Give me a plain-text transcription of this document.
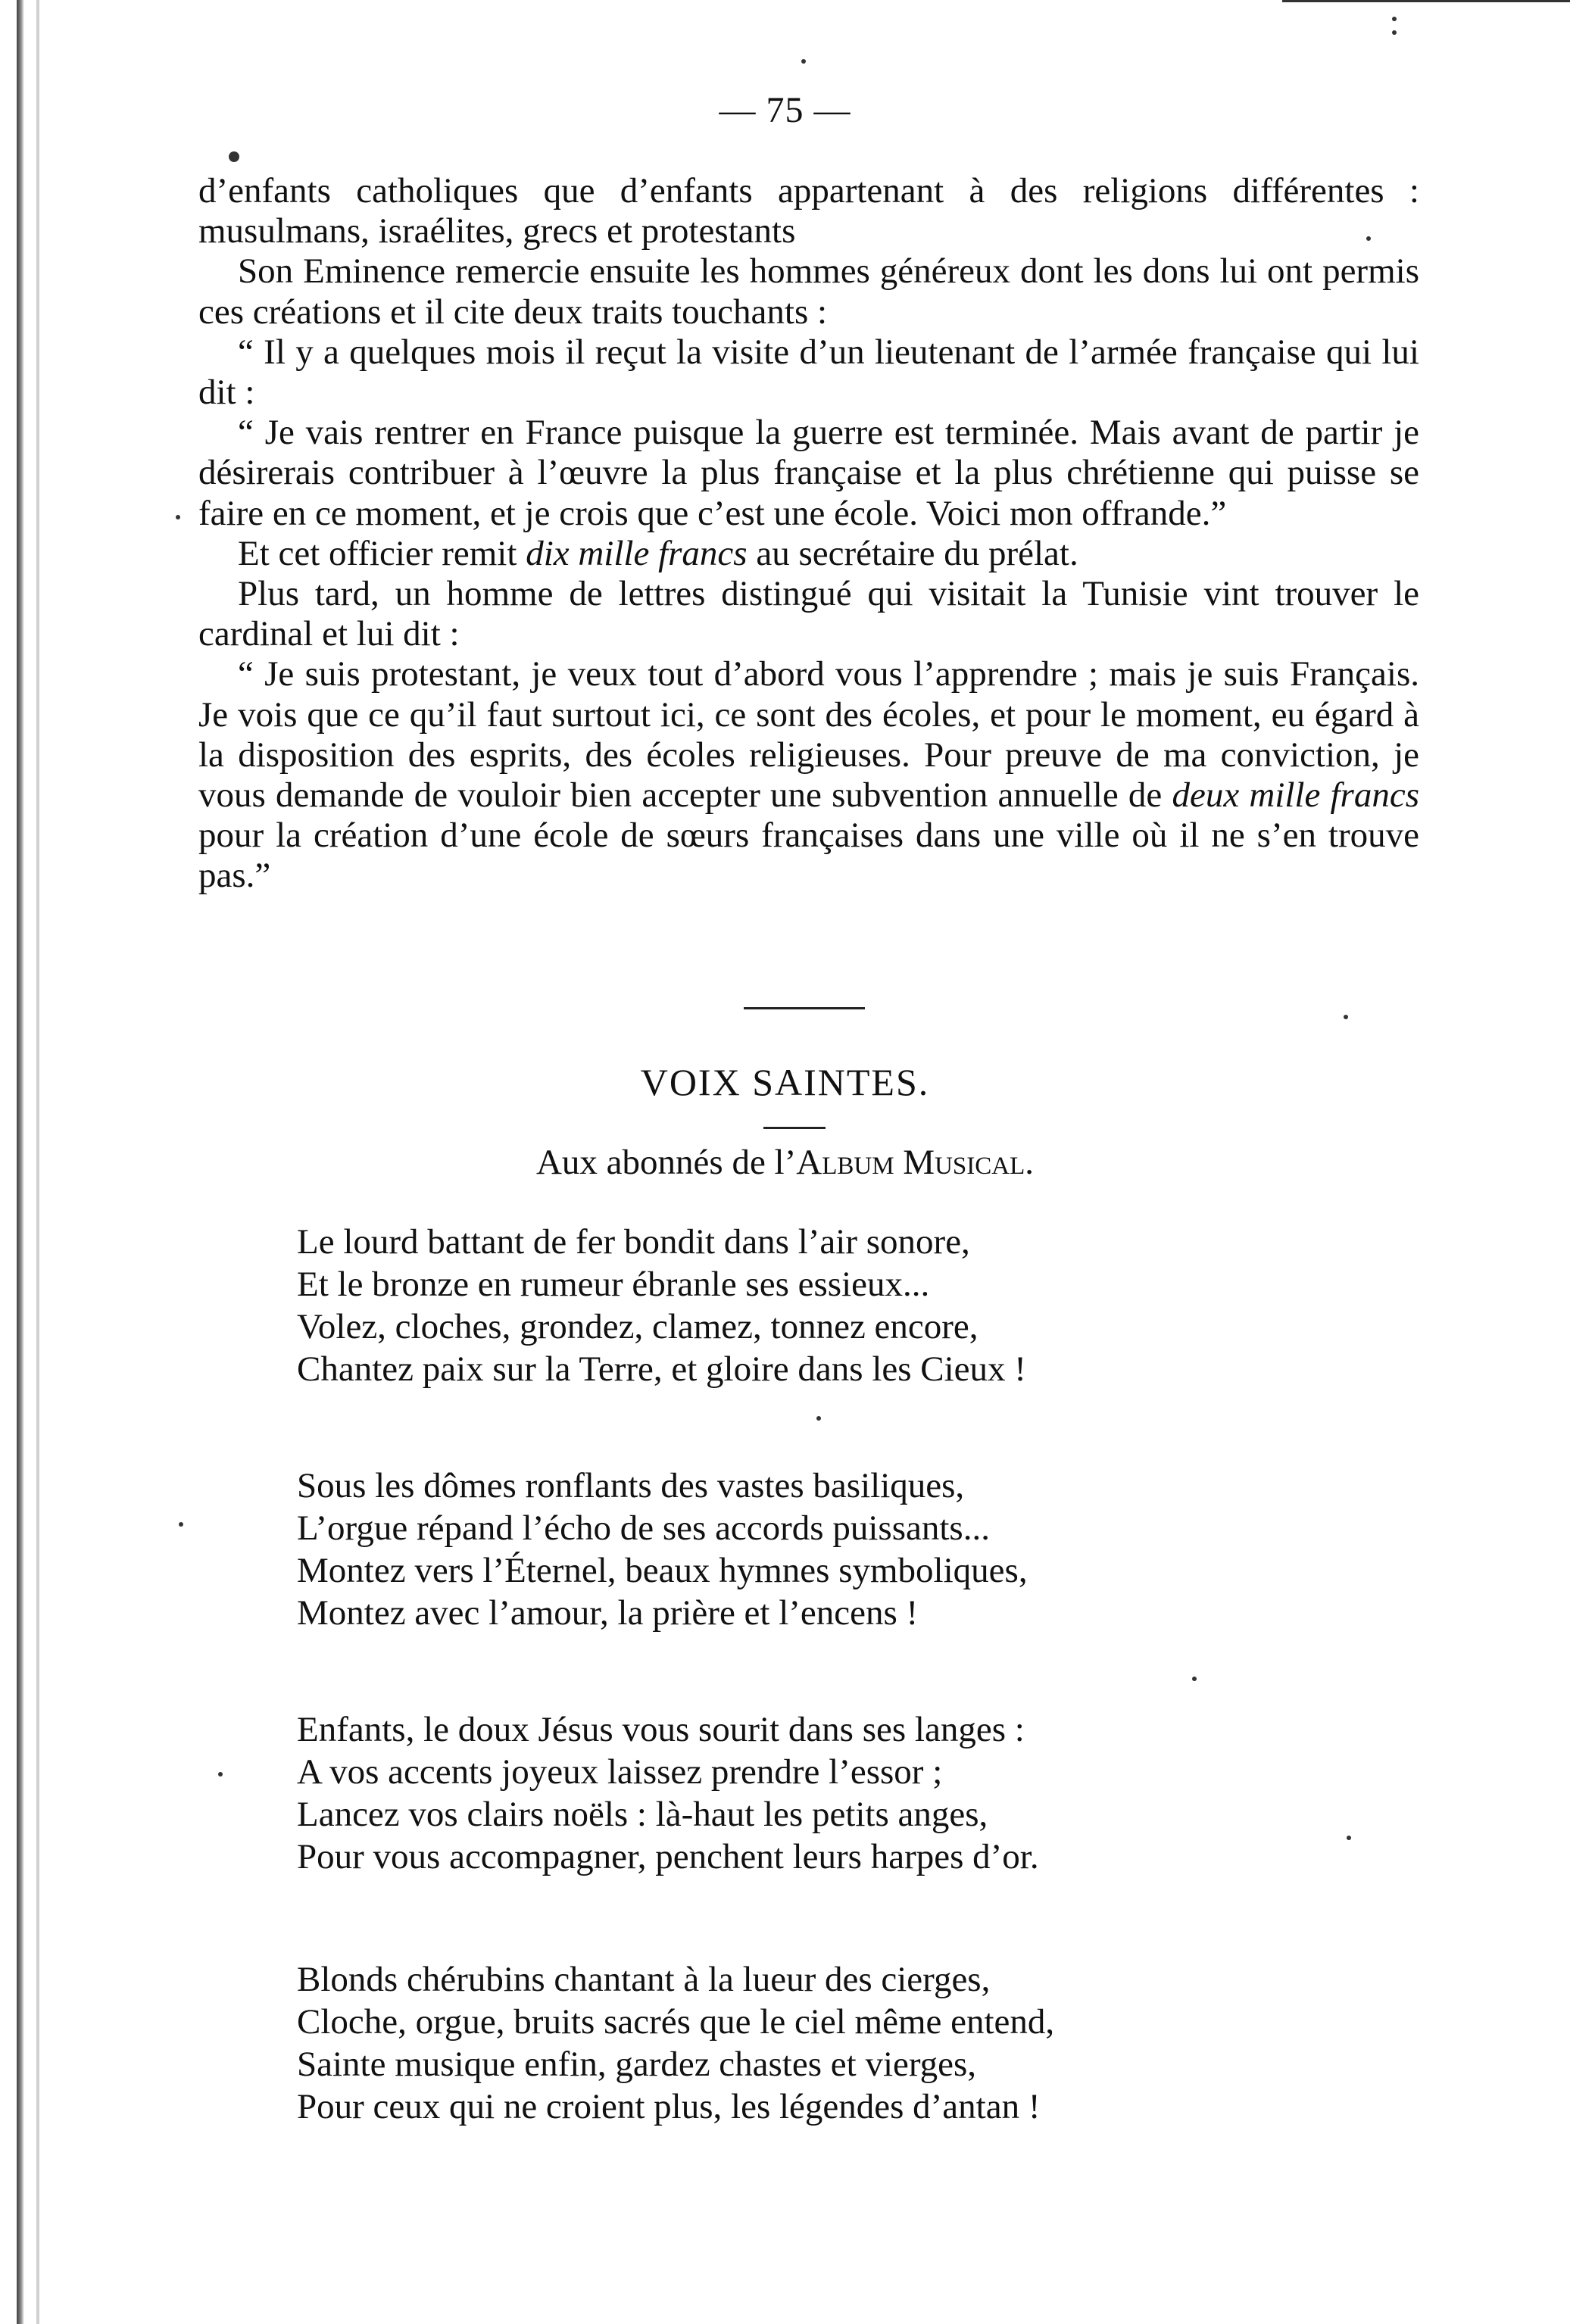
— 75 —

d’enfants catholiques que d’enfants appartenant à des religions différentes : musulmans, israélites, grecs et protestants

Son Eminence remercie ensuite les hommes généreux dont les dons lui ont permis ces créations et il cite deux traits touchants :

“ Il y a quelques mois il reçut la visite d’un lieutenant de l’armée française qui lui dit :

“ Je vais rentrer en France puisque la guerre est terminée. Mais avant de partir je désirerais contribuer à l’œuvre la plus française et la plus chrétienne qui puisse se faire en ce moment, et je crois que c’est une école. Voici mon offrande.”

Et cet officier remit dix mille francs au secrétaire du prélat.

Plus tard, un homme de lettres distingué qui visitait la Tunisie vint trouver le cardinal et lui dit :

“ Je suis protestant, je veux tout d’abord vous l’apprendre ; mais je suis Français. Je vois que ce qu’il faut surtout ici, ce sont des écoles, et pour le moment, eu égard à la disposition des esprits, des écoles religieuses. Pour preuve de ma conviction, je vous demande de vouloir bien accepter une subvention annuelle de deux mille francs pour la création d’une école de sœurs françaises dans une ville où il ne s’en trouve pas.”

VOIX SAINTES.
Aux abonnés de l’Album Musical.
Le lourd battant de fer bondit dans l’air sonore,
Et le bronze en rumeur ébranle ses essieux...
Volez, cloches, grondez, clamez, tonnez encore,
Chantez paix sur la Terre, et gloire dans les Cieux !
Sous les dômes ronflants des vastes basiliques,
L’orgue répand l’écho de ses accords puissants...
Montez vers l’Éternel, beaux hymnes symboliques,
Montez avec l’amour, la prière et l’encens !
Enfants, le doux Jésus vous sourit dans ses langes :
A vos accents joyeux laissez prendre l’essor ;
Lancez vos clairs noëls : là-haut les petits anges,
Pour vous accompagner, penchent leurs harpes d’or.
Blonds chérubins chantant à la lueur des cierges,
Cloche, orgue, bruits sacrés que le ciel même entend,
Sainte musique enfin, gardez chastes et vierges,
Pour ceux qui ne croient plus, les légendes d’antan !
